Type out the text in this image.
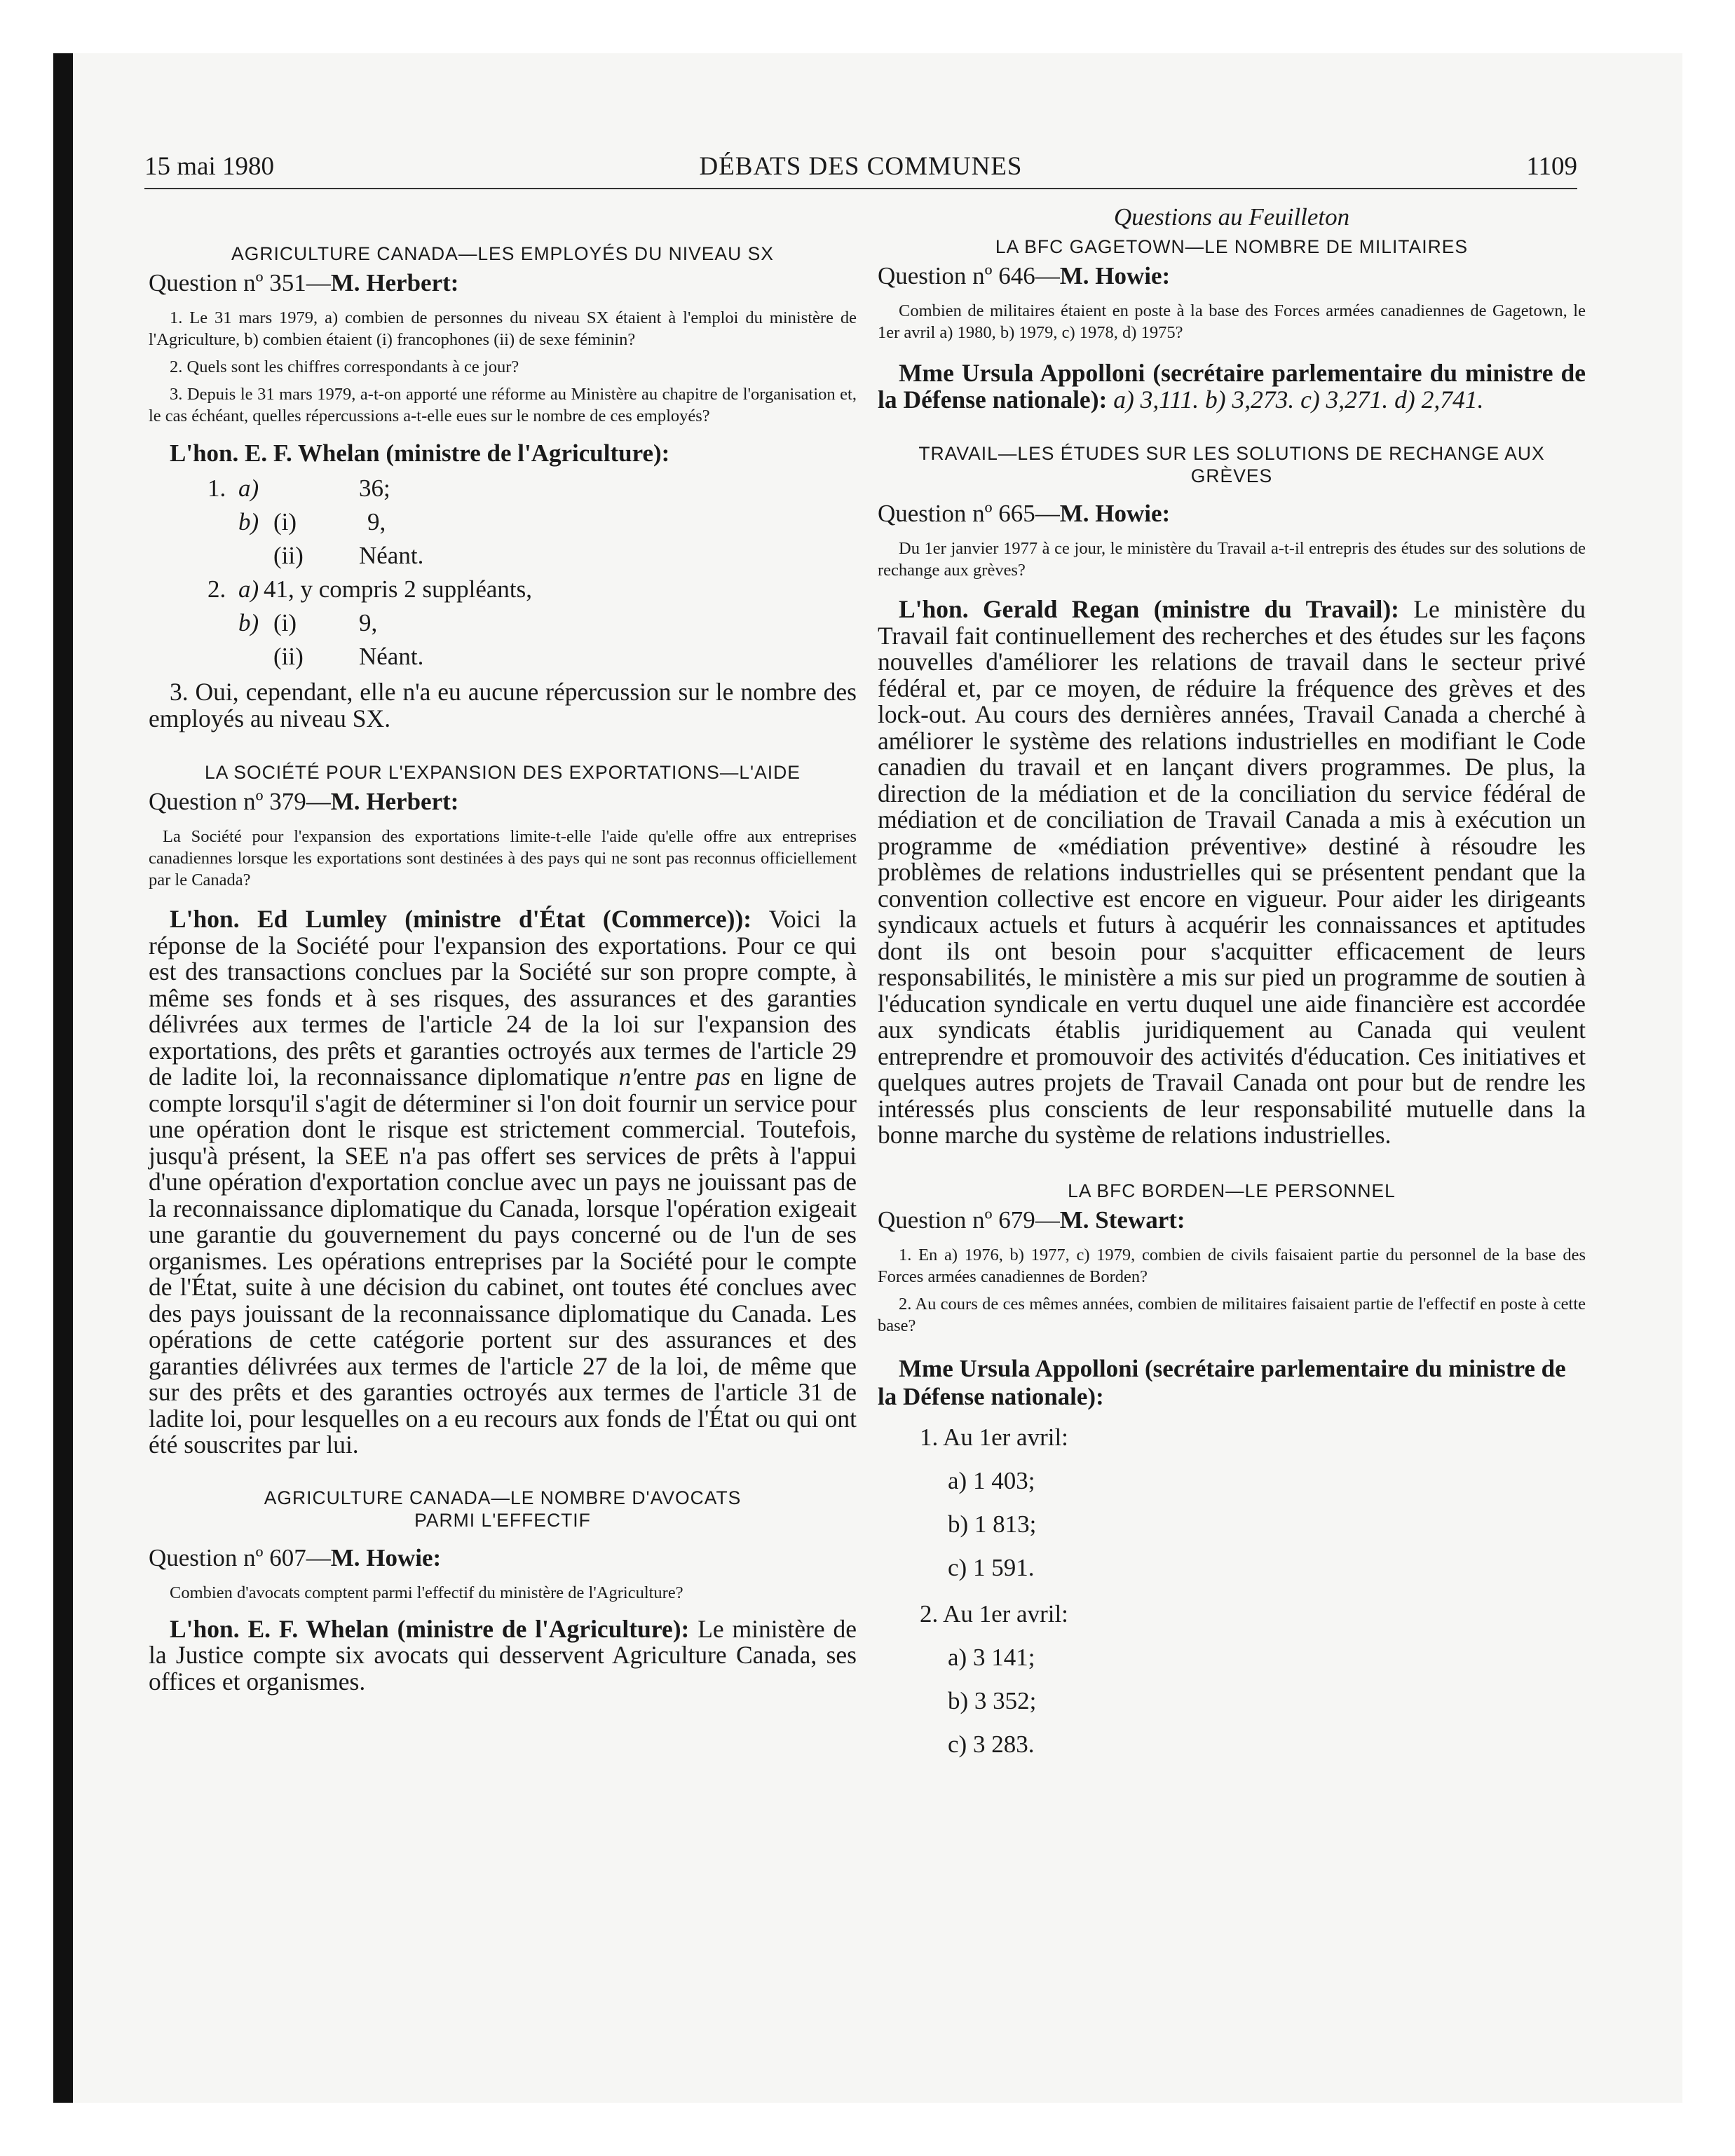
15 mai 1980	DÉBATS DES COMMUNES	1109

AGRICULTURE CANADA—LES EMPLOYÉS DU NIVEAU SX

Question nº 351—M. Herbert:

1. Le 31 mars 1979, a) combien de personnes du niveau SX étaient à l'emploi du ministère de l'Agriculture, b) combien étaient (i) francophones (ii) de sexe féminin?

2. Quels sont les chiffres correspondants à ce jour?

3. Depuis le 31 mars 1979, a-t-on apporté une réforme au Ministère au chapitre de l'organisation et, le cas échéant, quelles répercussions a-t-elle eues sur le nombre de ces employés?

L'hon. E. F. Whelan (ministre de l'Agriculture):

1. a)	36;
b) (i)	9,
(ii) Néant.
2. a) 41, y compris 2 suppléants,
b) (i)	9,
(ii) Néant.

3. Oui, cependant, elle n'a eu aucune répercussion sur le nombre des employés au niveau SX.

LA SOCIÉTÉ POUR L'EXPANSION DES EXPORTATIONS—L'AIDE

Question nº 379—M. Herbert:

La Société pour l'expansion des exportations limite-t-elle l'aide qu'elle offre aux entreprises canadiennes lorsque les exportations sont destinées à des pays qui ne sont pas reconnus officiellement par le Canada?

L'hon. Ed Lumley (ministre d'État (Commerce)): Voici la réponse de la Société pour l'expansion des exportations. Pour ce qui est des transactions conclues par la Société sur son propre compte, à même ses fonds et à ses risques, des assurances et des garanties délivrées aux termes de l'article 24 de la loi sur l'expansion des exportations, des prêts et garanties octroyés aux termes de l'article 29 de ladite loi, la reconnaissance diplomatique n'entre pas en ligne de compte lorsqu'il s'agit de déterminer si l'on doit fournir un service pour une opération dont le risque est strictement commercial. Toutefois, jusqu'à présent, la SEE n'a pas offert ses services de prêts à l'appui d'une opération d'exportation conclue avec un pays ne jouissant pas de la reconnaissance diplomatique du Canada, lorsque l'opération exigeait une garantie du gouvernement du pays concerné ou de l'un de ses organismes. Les opérations entreprises par la Société pour le compte de l'État, suite à une décision du cabinet, ont toutes été conclues avec des pays jouissant de la reconnaissance diplomatique du Canada. Les opérations de cette catégorie portent sur des assurances et des garanties délivrées aux termes de l'article 27 de la loi, de même que sur des prêts et des garanties octroyés aux termes de l'article 31 de ladite loi, pour lesquelles on a eu recours aux fonds de l'État ou qui ont été souscrites par lui.

AGRICULTURE CANADA—LE NOMBRE D'AVOCATS PARMI L'EFFECTIF

Question nº 607—M. Howie:

Combien d'avocats comptent parmi l'effectif du ministère de l'Agriculture?

L'hon. E. F. Whelan (ministre de l'Agriculture): Le ministère de la Justice compte six avocats qui desservent Agriculture Canada, ses offices et organismes.

Questions au Feuilleton

LA BFC GAGETOWN—LE NOMBRE DE MILITAIRES

Question nº 646—M. Howie:

Combien de militaires étaient en poste à la base des Forces armées canadiennes de Gagetown, le 1er avril a) 1980, b) 1979, c) 1978, d) 1975?

Mme Ursula Appolloni (secrétaire parlementaire du ministre de la Défense nationale): a) 3,111. b) 3,273. c) 3,271. d) 2,741.

TRAVAIL—LES ÉTUDES SUR LES SOLUTIONS DE RECHANGE AUX GRÈVES

Question nº 665—M. Howie:

Du 1er janvier 1977 à ce jour, le ministère du Travail a-t-il entrepris des études sur des solutions de rechange aux grèves?

L'hon. Gerald Regan (ministre du Travail): Le ministère du Travail fait continuellement des recherches et des études sur les façons nouvelles d'améliorer les relations de travail dans le secteur privé fédéral et, par ce moyen, de réduire la fréquence des grèves et des lock-out. Au cours des dernières années, Travail Canada a cherché à améliorer le système des relations industrielles en modifiant le Code canadien du travail et en lançant divers programmes. De plus, la direction de la médiation et de la conciliation du service fédéral de médiation et de conciliation de Travail Canada a mis à exécution un programme de «médiation préventive» destiné à résoudre les problèmes de relations industrielles qui se présentent pendant que la convention collective est encore en vigueur. Pour aider les dirigeants syndicaux actuels et futurs à acquérir les connaissances et aptitudes dont ils ont besoin pour s'acquitter efficacement de leurs responsabilités, le ministère a mis sur pied un programme de soutien à l'éducation syndicale en vertu duquel une aide financière est accordée aux syndicats établis juridiquement au Canada qui veulent entreprendre et promouvoir des activités d'éducation. Ces initiatives et quelques autres projets de Travail Canada ont pour but de rendre les intéressés plus conscients de leur responsabilité mutuelle dans la bonne marche du système de relations industrielles.

LA BFC BORDEN—LE PERSONNEL

Question nº 679—M. Stewart:

1. En a) 1976, b) 1977, c) 1979, combien de civils faisaient partie du personnel de la base des Forces armées canadiennes de Borden?

2. Au cours de ces mêmes années, combien de militaires faisaient partie de l'effectif en poste à cette base?

Mme Ursula Appolloni (secrétaire parlementaire du ministre de la Défense nationale):

1. Au 1er avril:
a) 1 403;
b) 1 813;
c) 1 591.
2. Au 1er avril:
a) 3 141;
b) 3 352;
c) 3 283.
